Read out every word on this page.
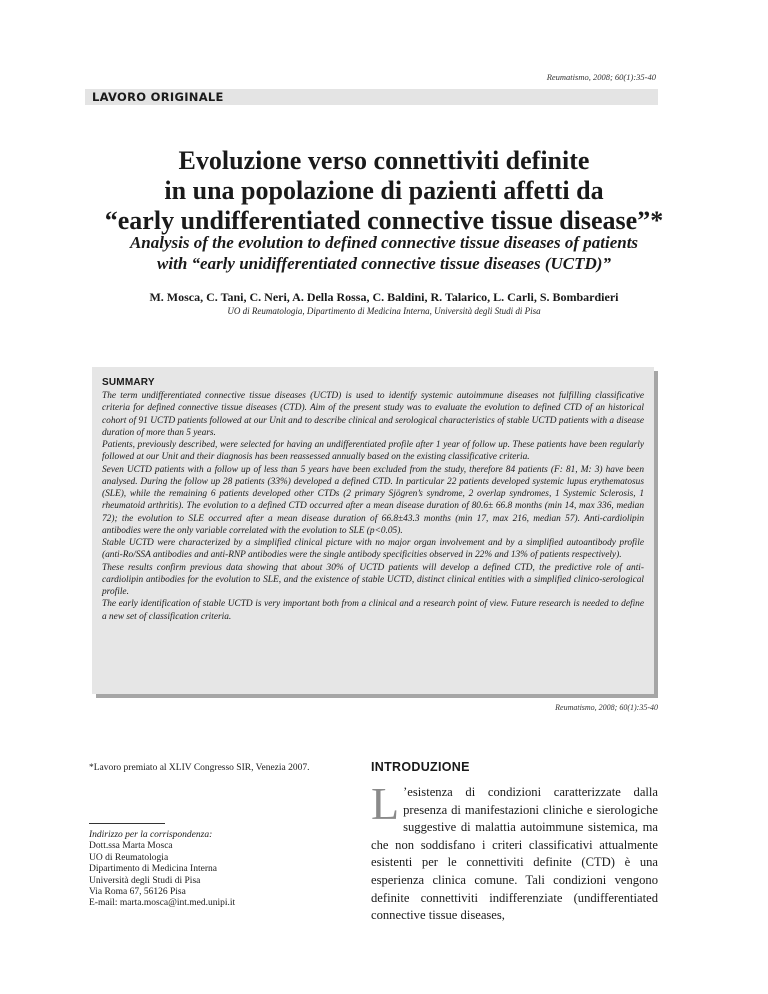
Reumatismo, 2008; 60(1):35-40
LAVORO ORIGINALE
Evoluzione verso connettiviti definite
in una popolazione di pazienti affetti da
“early undifferentiated connective tissue disease”*
Analysis of the evolution to defined connective tissue diseases of patients
with “early unidifferentiated connective tissue diseases (UCTD)”
M. Mosca, C. Tani, C. Neri, A. Della Rossa, C. Baldini, R. Talarico, L. Carli, S. Bombardieri
UO di Reumatologia, Dipartimento di Medicina Interna, Università degli Studi di Pisa
SUMMARY

The term undifferentiated connective tissue diseases (UCTD) is used to identify systemic autoimmune diseases not fulfilling classificative criteria for defined connective tissue diseases (CTD). Aim of the present study was to evaluate the evolution to defined CTD of an historical cohort of 91 UCTD patients followed at our Unit and to describe clinical and serological characteristics of stable UCTD patients with a disease duration of more than 5 years.

Patients, previously described, were selected for having an undifferentiated profile after 1 year of follow up. These patients have been regularly followed at our Unit and their diagnosis has been reassessed annually based on the existing classificative criteria.

Seven UCTD patients with a follow up of less than 5 years have been excluded from the study, therefore 84 patients (F: 81, M: 3) have been analysed. During the follow up 28 patients (33%) developed a defined CTD. In particular 22 patients developed systemic lupus erythematosus (SLE), while the remaining 6 patients developed other CTDs (2 primary Sjögren’s syndrome, 2 overlap syndromes, 1 Systemic Sclerosis, 1 rheumatoid arthritis). The evolution to a defined CTD occurred after a mean disease duration of 80.6± 66.8 months (min 14, max 336, median 72); the evolution to SLE occurred after a mean disease duration of 66.8±43.3 months (min 17, max 216, median 57). Anti-cardiolipin antibodies were the only variable correlated with the evolution to SLE (p<0.05).

Stable UCTD were characterized by a simplified clinical picture with no major organ involvement and by a simplified autoantibody profile (anti-Ro/SSA antibodies and anti-RNP antibodies were the single antibody specificities observed in 22% and 13% of patients respectively).

These results confirm previous data showing that about 30% of UCTD patients will develop a defined CTD, the predictive role of anti-cardiolipin antibodies for the evolution to SLE, and the existence of stable UCTD, distinct clinical entities with a simplified clinico-serological profile.

The early identification of stable UCTD is very important both from a clinical and a research point of view. Future research is needed to define a new set of classification criteria.

Reumatismo, 2008; 60(1):35-40
*Lavoro premiato al XLIV Congresso SIR, Venezia 2007.
Indirizzo per la corrispondenza:
Dott.ssa Marta Mosca
UO di Reumatologia
Dipartimento di Medicina Interna
Università degli Studi di Pisa
Via Roma 67, 56126 Pisa
E-mail: marta.mosca@int.med.unipi.it
INTRODUZIONE
L ’esistenza di condizioni caratterizzate dalla presenza di manifestazioni cliniche e sierologiche suggestive di malattia autoimmune sistemica, ma che non soddisfano i criteri classificativi attualmente esistenti per le connettiviti definite (CTD) è una esperienza clinica comune. Tali condizioni vengono definite connettiviti indifferenziate (undifferentiated connective tissue diseases,
